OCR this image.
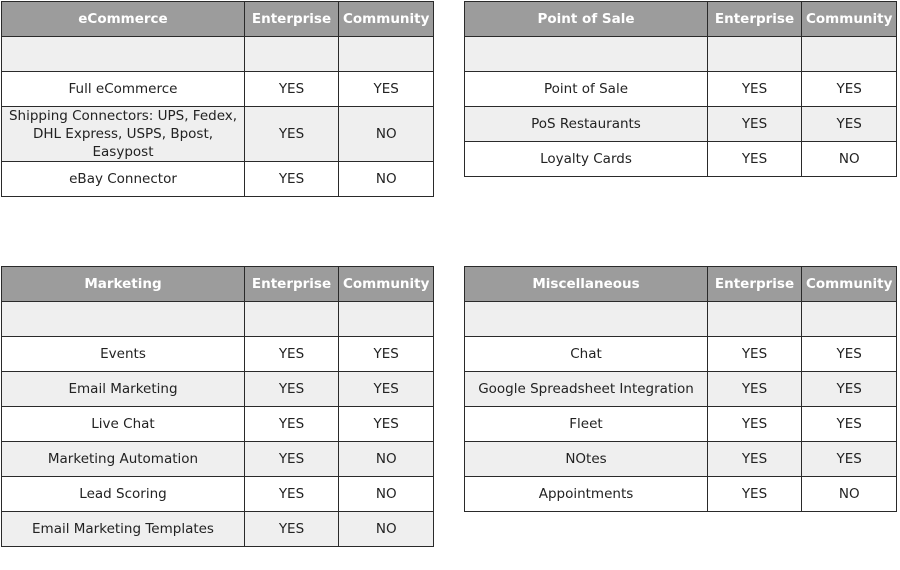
eCommerce	Enterprise	Community

Full eCommerce	YES	YES
Shipping Connectors: UPS, Fedex, DHL Express, USPS, Bpost, Easypost	YES	NO
eBay Connector	YES	NO
Point of Sale	Enterprise	Community

Point of Sale	YES	YES
PoS Restaurants	YES	YES
Loyalty Cards	YES	NO
Marketing	Enterprise	Community

Events	YES	YES
Email Marketing	YES	YES
Live Chat	YES	YES
Marketing Automation	YES	NO
Lead Scoring	YES	NO
Email Marketing Templates	YES	NO
Miscellaneous	Enterprise	Community

Chat	YES	YES
Google Spreadsheet Integration	YES	YES
Fleet	YES	YES
NOtes	YES	YES
Appointments	YES	NO
